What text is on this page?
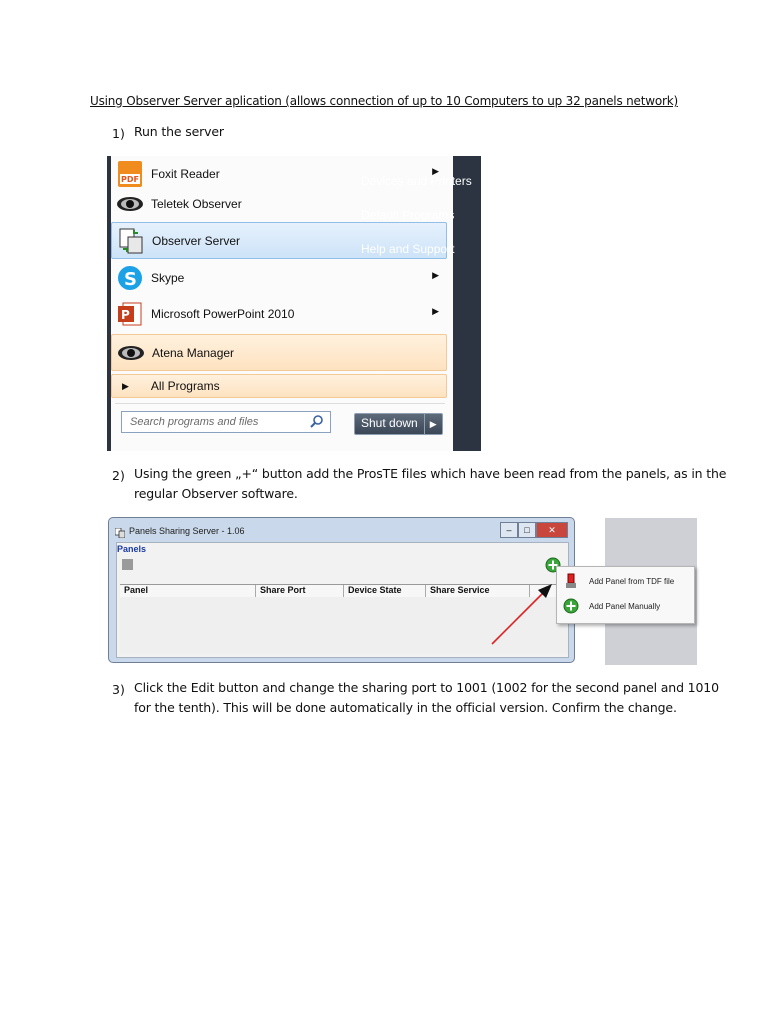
Using Observer Server aplication (allows connection of up to 10 Computers to up 32 panels network)
1) Run the server
PDF Foxit Reader	▶
Teletek Observer
Observer Server
S Skype	▶
P Microsoft PowerPoint 2010	▶
Atena Manager
▶ All Programs
Devices and Printers
Default Programs
Help and Support
Search programs and files	Shut down	▶
2) Using the green „+“ button add the ProsTE files which have been read from the panels, as in the
regular Observer software.
Panels Sharing Server - 1.06	–	□	✕
Panels
Panel	Share Port	Device State	Share Service
Add Panel from TDF file
Add Panel Manually
3) Click the Edit button and change the sharing port to 1001 (1002 for the second panel and 1010
for the tenth). This will be done automatically in the official version. Confirm the change.
